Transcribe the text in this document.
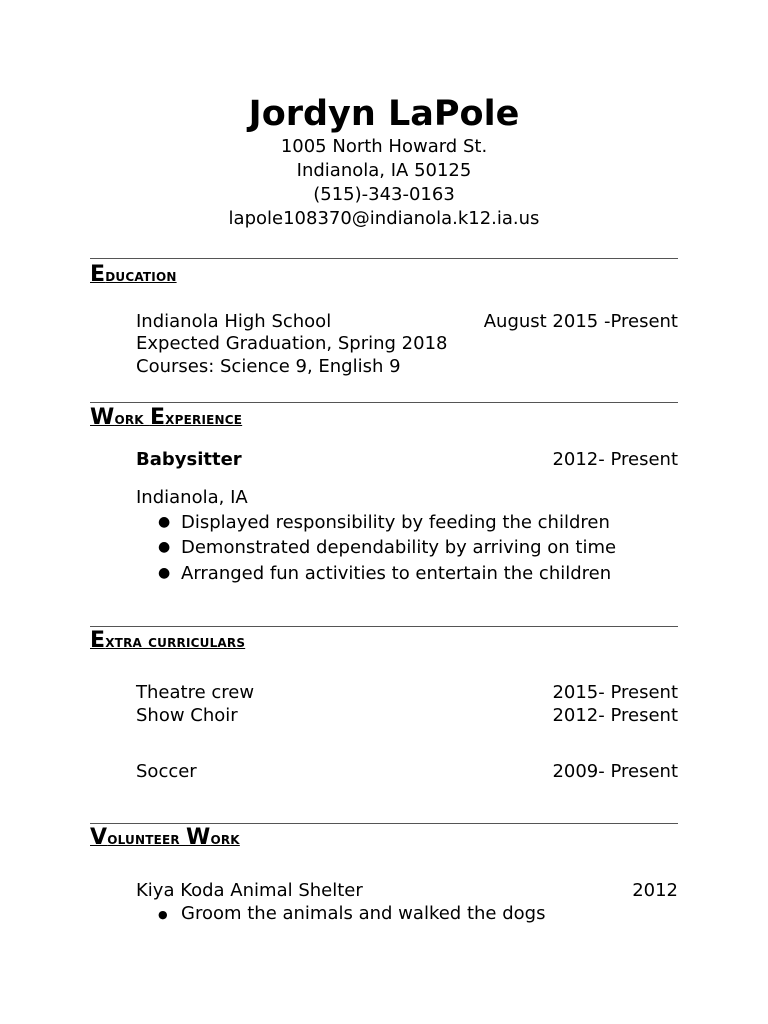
Jordyn LaPole
1005 North Howard St.
Indianola, IA 50125
(515)-343-0163
lapole108370@indianola.k12.ia.us
Education
Indianola High School	August 2015 -Present
Expected Graduation, Spring 2018
Courses: Science 9, English 9
Work Experience
Babysitter	2012- Present
Indianola, IA
● Displayed responsibility by feeding the children
● Demonstrated dependability by arriving on time
● Arranged fun activities to entertain the children
Extra curriculars
Theatre crew	2015- Present
Show Choir	2012- Present
Soccer	2009- Present
Volunteer Work
Kiya Koda Animal Shelter	2012
● Groom the animals and walked the dogs
